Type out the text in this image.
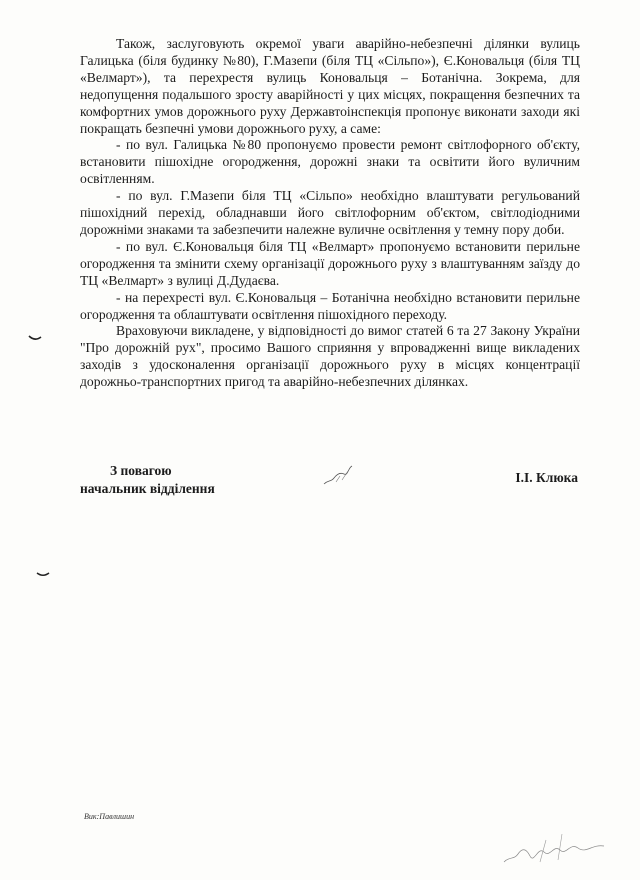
Також, заслуговують окремої уваги аварійно-небезпечні ділянки вулиць Галицька (біля будинку №80), Г.Мазепи (біля ТЦ «Сільпо»), Є.Коновальця (біля ТЦ «Велмарт»), та перехрестя вулиць Коновальця – Ботанічна. Зокрема, для недопущення подальшого зросту аварійності у цих місцях, покращення безпечних та комфортних умов дорожнього руху Державтоінспекція пропонує виконати заходи які покращать безпечні умови дорожнього руху, а саме:

- по вул. Галицька №80 пропонуємо провести ремонт світлофорного об'єкту, встановити пішохідне огородження, дорожні знаки та освітити його вуличним освітленням.

- по вул. Г.Мазепи біля ТЦ «Сільпо» необхідно влаштувати регульований пішохідний перехід, обладнавши його світлофорним об'єктом, світлодіодними дорожніми знаками та забезпечити належне вуличне освітлення у темну пору доби.

- по вул. Є.Коновальця біля ТЦ «Велмарт» пропонуємо встановити перильне огородження та змінити схему організації дорожнього руху з влаштуванням заїзду до ТЦ «Велмарт» з вулиці Д.Дудаєва.

- на перехресті вул. Є.Коновальця – Ботанічна необхідно встановити перильне огородження та облаштувати освітлення пішохідного переходу.

Враховуючи викладене, у відповідності до вимог статей 6 та 27 Закону України "Про дорожній рух", просимо Вашого сприяння у впровадженні вище викладених заходів з удосконалення організації дорожнього руху в місцях концентрації дорожньо-транспортних пригод та аварійно-небезпечних ділянках.

З повагою
начальник відділення
І.І. Клюка
Вик:Павлишин
